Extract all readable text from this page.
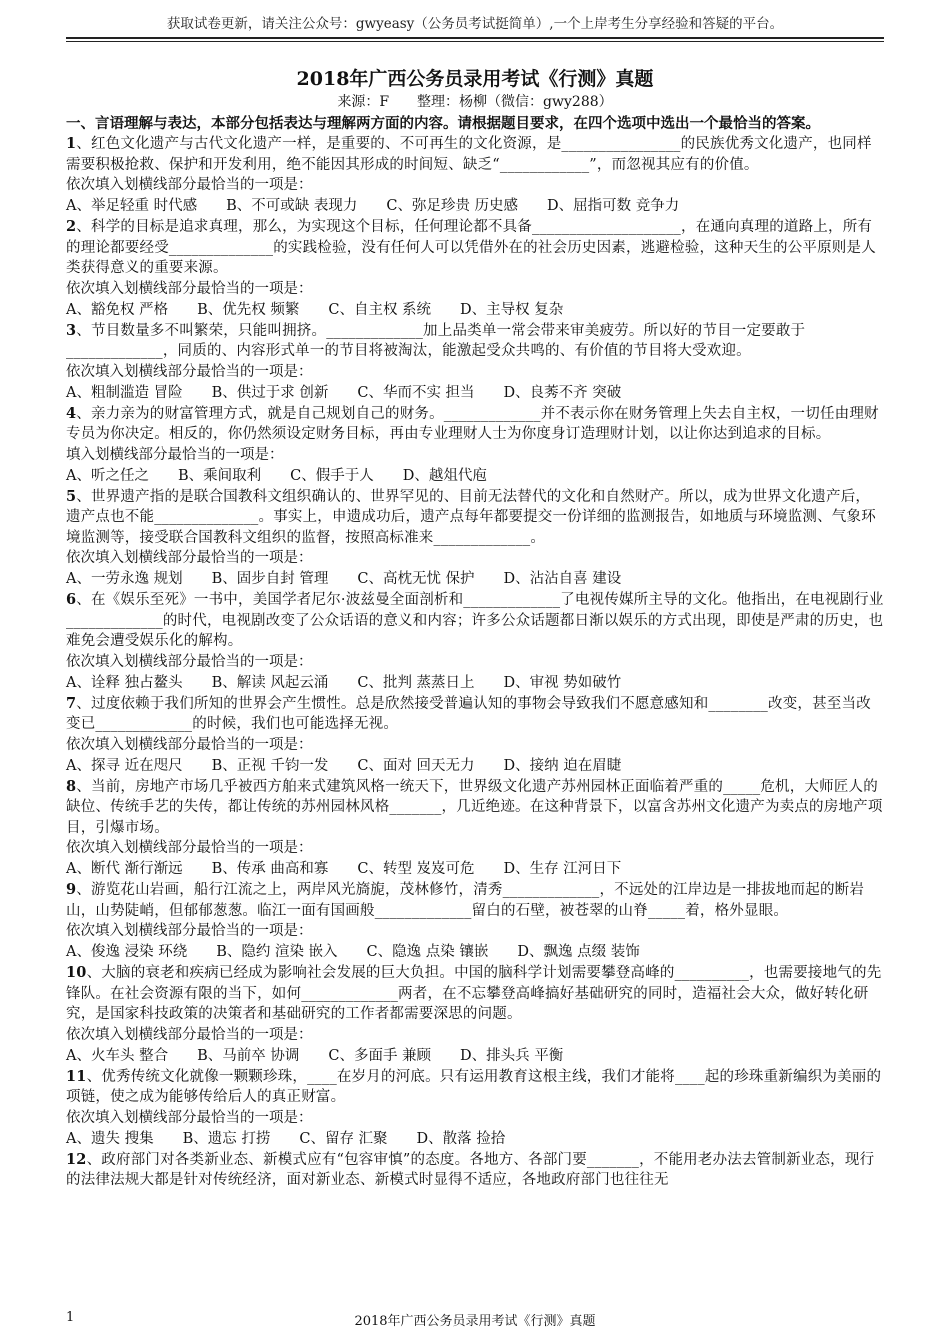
获取试卷更新，请关注公众号：gwyeasy（公务员考试挺简单）,一个上岸考生分享经验和答疑的平台。

2018年广西公务员录用考试《行测》真题

来源：F　　整理：杨柳（微信：gwy288）

一、言语理解与表达，本部分包括表达与理解两方面的内容。请根据题目要求，在四个选项中选出一个最恰当的答案。

1、红色文化遗产与古代文化遗产一样，是重要的、不可再生的文化资源，是________________的民族优秀文化遗产，也同样需要积极抢救、保护和开发利用，绝不能因其形成的时间短、缺乏“____________”，而忽视其应有的价值。

依次填入划横线部分最恰当的一项是：

A、举足轻重 时代感　　B、不可或缺 表现力　　C、弥足珍贵 历史感　　D、屈指可数 竞争力

2、科学的目标是追求真理，那么，为实现这个目标，任何理论都不具备____________________，在通向真理的道路上，所有的理论都要经受______________的实践检验，没有任何人可以凭借外在的社会历史因素，逃避检验，这种天生的公平原则是人类获得意义的重要来源。

依次填入划横线部分最恰当的一项是：

A、豁免权 严格　　B、优先权 频繁　　C、自主权 系统　　D、主导权 复杂

3、节目数量多不叫繁荣，只能叫拥挤。_____________加上品类单一常会带来审美疲劳。所以好的节目一定要敢于_____________，同质的、内容形式单一的节目将被淘汰，能激起受众共鸣的、有价值的节目将大受欢迎。

依次填入划横线部分最恰当的一项是：

A、粗制滥造 冒险　　B、供过于求 创新　　C、华而不实 担当　　D、良莠不齐 突破

4、亲力亲为的财富管理方式，就是自己规划自己的财务。_____________并不表示你在财务管理上失去自主权，一切任由理财专员为你决定。相反的，你仍然须设定财务目标，再由专业理财人士为你度身订造理财计划，以让你达到追求的目标。

填入划横线部分最恰当的一项是：

A、听之任之　　B、乘间取利　　C、假手于人　　D、越俎代庖

5、世界遗产指的是联合国教科文组织确认的、世界罕见的、目前无法替代的文化和自然财产。所以，成为世界文化遗产后，遗产点也不能______________。事实上，申遗成功后，遗产点每年都要提交一份详细的监测报告，如地质与环境监测、气象环境监测等，接受联合国教科文组织的监督，按照高标准来_____________。

依次填入划横线部分最恰当的一项是：

A、一劳永逸 规划　　B、固步自封 管理　　C、高枕无忧 保护　　D、沾沾自喜 建设

6、在《娱乐至死》一书中，美国学者尼尔·波兹曼全面剖析和_____________了电视传媒所主导的文化。他指出，在电视剧行业_____________的时代，电视剧改变了公众话语的意义和内容；许多公众话题都日渐以娱乐的方式出现，即使是严肃的历史，也难免会遭受娱乐化的解构。

依次填入划横线部分最恰当的一项是：

A、诠释 独占鳌头　　B、解读 风起云涌　　C、批判 蒸蒸日上　　D、审视 势如破竹

7、过度依赖于我们所知的世界会产生惯性。总是欣然接受普遍认知的事物会导致我们不愿意感知和________改变，甚至当改变已_____________的时候，我们也可能选择无视。

依次填入划横线部分最恰当的一项是：

A、探寻 近在咫尺　　B、正视 千钧一发　　C、面对 回天无力　　D、接纳 迫在眉睫

8、当前，房地产市场几乎被西方舶来式建筑风格一统天下，世界级文化遗产苏州园林正面临着严重的_____危机，大师匠人的缺位、传统手艺的失传，都让传统的苏州园林风格_______，几近绝迹。在这种背景下，以富含苏州文化遗产为卖点的房地产项目，引爆市场。

依次填入划横线部分最恰当的一项是：

A、断代 渐行渐远　　B、传承 曲高和寡　　C、转型 岌岌可危　　D、生存 江河日下

9、游览花山岩画，船行江流之上，两岸风光旖旎，茂林修竹，清秀_____________，不远处的江岸边是一排拔地而起的断岩山，山势陡峭，但郁郁葱葱。临江一面有国画般_____________留白的石壁，被苍翠的山脊_____着，格外显眼。

依次填入划横线部分最恰当的一项是：

A、俊逸 浸染 环绕　　B、隐约 渲染 嵌入　　C、隐逸 点染 镶嵌　　D、飘逸 点缀 装饰

10、大脑的衰老和疾病已经成为影响社会发展的巨大负担。中国的脑科学计划需要攀登高峰的__________，也需要接地气的先锋队。在社会资源有限的当下，如何_____________两者，在不忘攀登高峰搞好基础研究的同时，造福社会大众，做好转化研究，是国家科技政策的决策者和基础研究的工作者都需要深思的问题。

依次填入划横线部分最恰当的一项是：

A、火车头 整合　　B、马前卒 协调　　C、多面手 兼顾　　D、排头兵 平衡

11、优秀传统文化就像一颗颗珍珠，____在岁月的河底。只有运用教育这根主线，我们才能将____起的珍珠重新编织为美丽的项链，使之成为能够传给后人的真正财富。

依次填入划横线部分最恰当的一项是：

A、遗失 搜集　　B、遗忘 打捞　　C、留存 汇聚　　D、散落 捡拾

12、政府部门对各类新业态、新模式应有“包容审慎”的态度。各地方、各部门要_______，不能用老办法去管制新业态，现行的法律法规大都是针对传统经济，面对新业态、新模式时显得不适应，各地政府部门也往往无

1	2018年广西公务员录用考试《行测》真题
